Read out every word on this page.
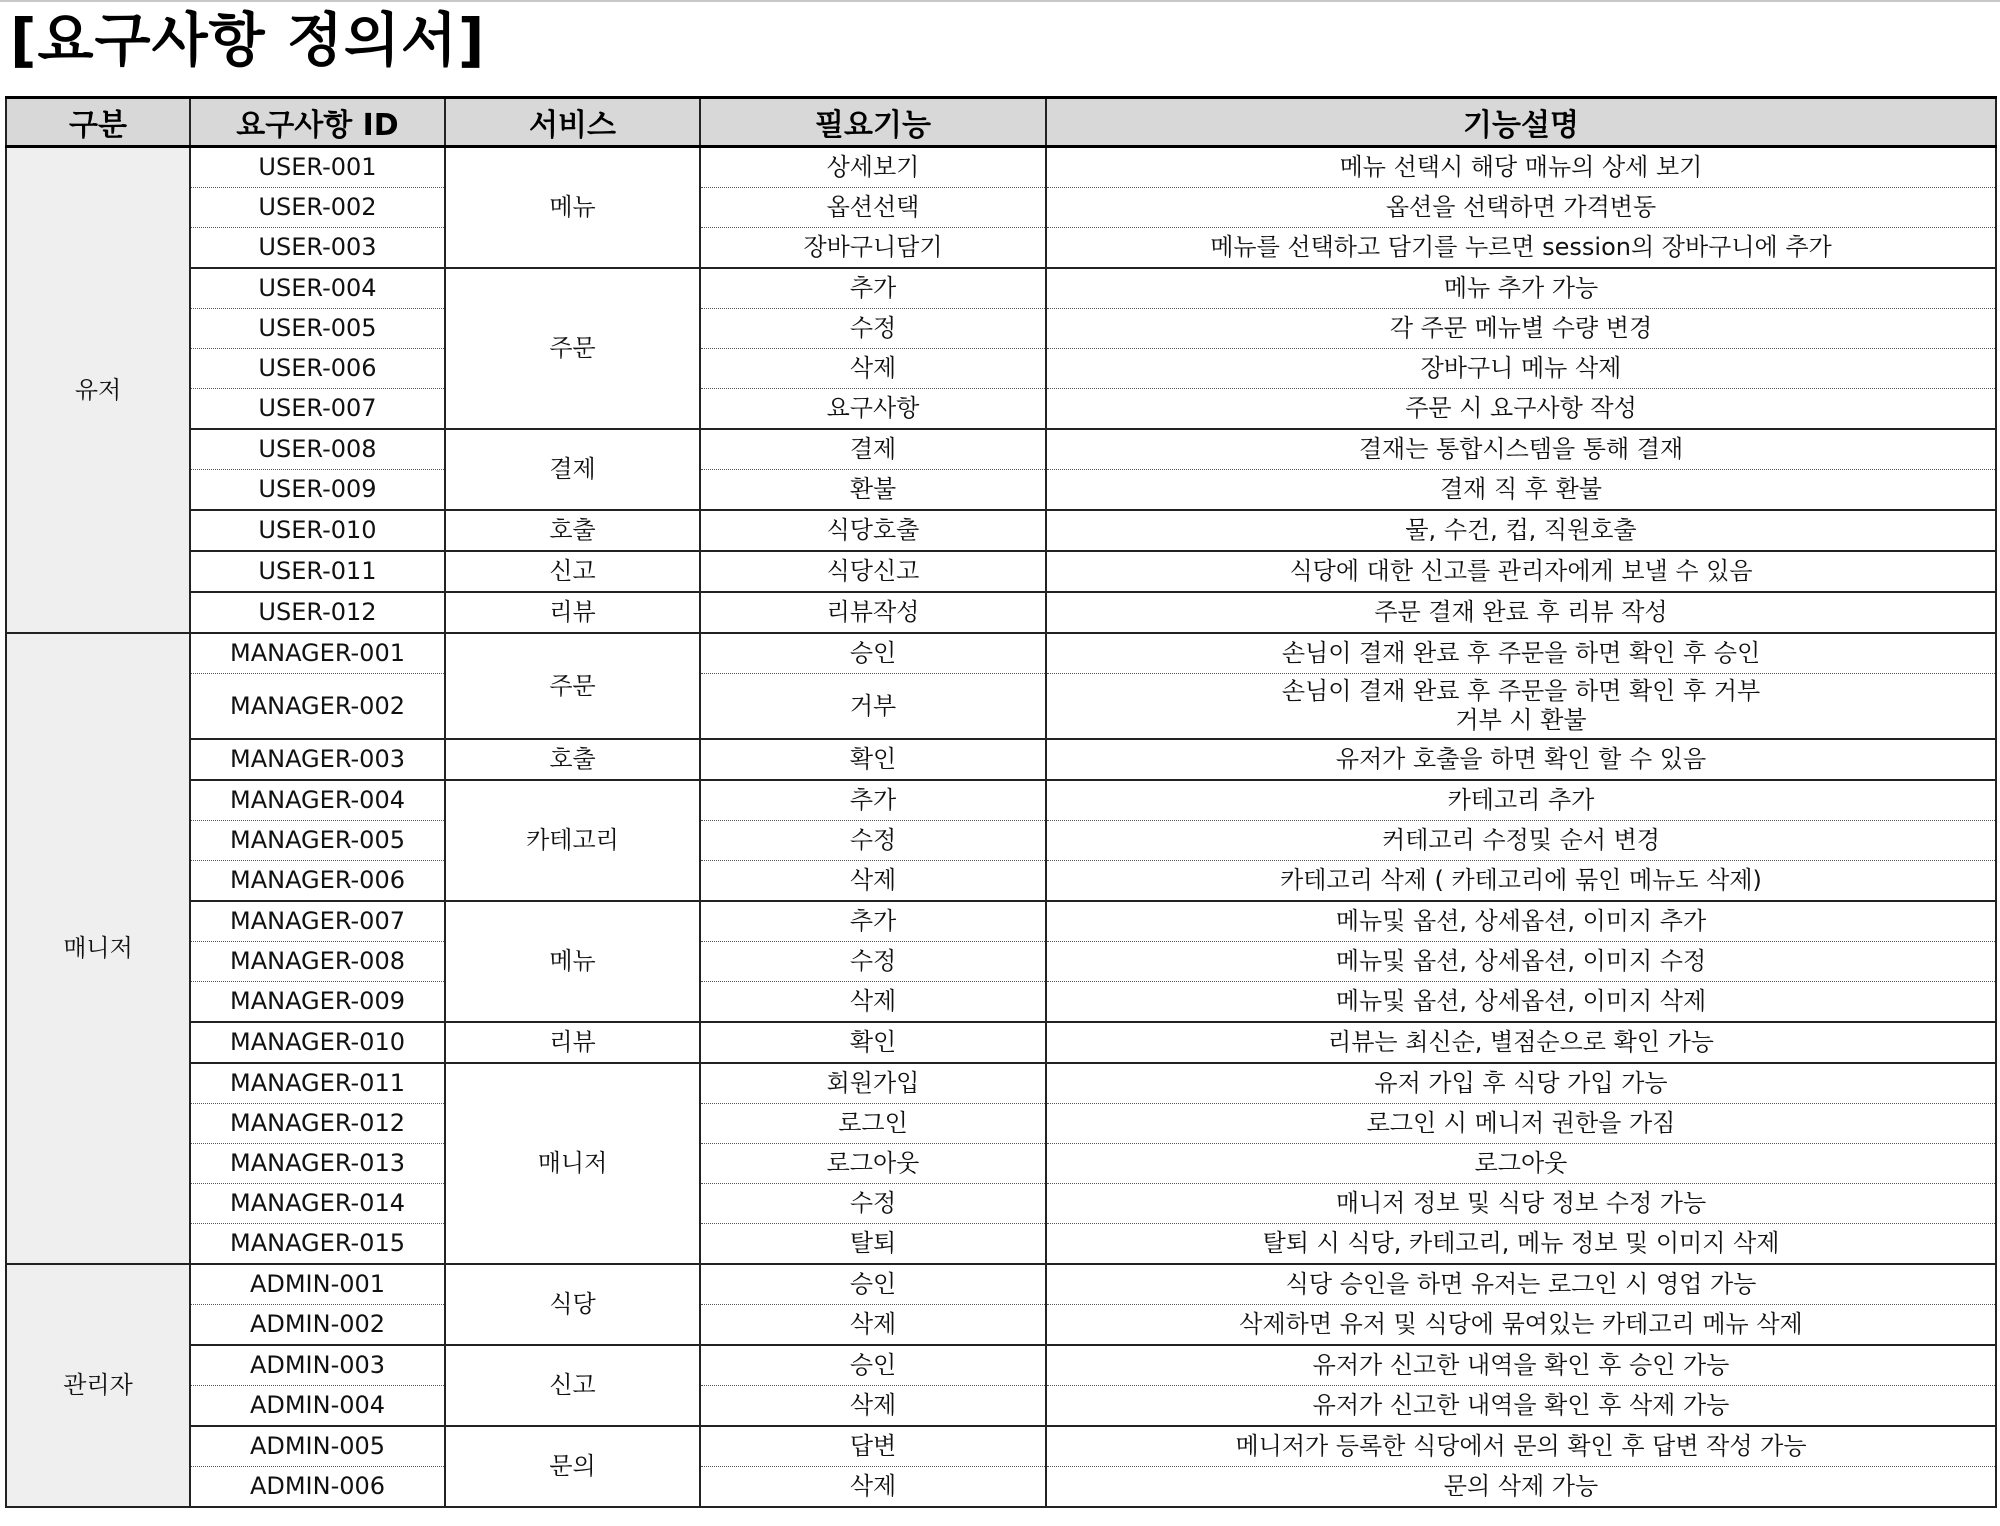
[요구사항 정의서]
구분	요구사항 ID	서비스	필요기능	기능설명
유저	USER-001	메뉴	상세보기	메뉴 선택시 해당 매뉴의 상세 보기

	USER-002		옵션선택	옵션을 선택하면 가격변동

	USER-003		장바구니담기	메뉴를 선택하고 담기를 누르면 session의 장바구니에 추가

	USER-004	주문	추가	메뉴 추가 가능

	USER-005		수정	각 주문 메뉴별 수량 변경

	USER-006		삭제	장바구니 메뉴 삭제

	USER-007		요구사항	주문 시 요구사항 작성

	USER-008	결제	결제	결재는 통합시스템을 통해 결재

	USER-009		환불	결재 직 후 환불

	USER-010	호출	식당호출	물, 수건, 컵, 직원호출

	USER-011	신고	식당신고	식당에 대한 신고를 관리자에게 보낼 수 있음

	USER-012	리뷰	리뷰작성	주문 결재 완료 후 리뷰 작성

매니저	MANAGER-001	주문	승인	손님이 결재 완료 후 주문을 하면 확인 후 승인

	MANAGER-002		거부	손님이 결재 완료 후 주문을 하면 확인 후 거부
거부 시 환불

	MANAGER-003	호출	확인	유저가 호출을 하면 확인 할 수 있음

	MANAGER-004	카테고리	추가	카테고리 추가

	MANAGER-005		수정	커테고리 수정및 순서 변경

	MANAGER-006		삭제	카테고리 삭제 ( 카테고리에 묶인 메뉴도 삭제)

	MANAGER-007	메뉴	추가	메뉴및 옵션, 상세옵션, 이미지 추가

	MANAGER-008		수정	메뉴및 옵션, 상세옵션, 이미지 수정

	MANAGER-009		삭제	메뉴및 옵션, 상세옵션, 이미지 삭제

	MANAGER-010	리뷰	확인	리뷰는 최신순, 별점순으로 확인 가능

	MANAGER-011	매니저	회원가입	유저 가입 후 식당 가입 가능

	MANAGER-012		로그인	로그인 시 메니저 권한을 가짐

	MANAGER-013		로그아웃	로그아웃

	MANAGER-014		수정	매니저 정보 및 식당 정보 수정 가능

	MANAGER-015		탈퇴	탈퇴 시 식당, 카테고리, 메뉴 정보 및 이미지 삭제

관리자	ADMIN-001	식당	승인	식당 승인을 하면 유저는 로그인 시 영업 가능

	ADMIN-002		삭제	삭제하면 유저 및 식당에 묶여있는 카테고리 메뉴 삭제

	ADMIN-003	신고	승인	유저가 신고한 내역을 확인 후 승인 가능

	ADMIN-004		삭제	유저가 신고한 내역을 확인 후 삭제 가능

	ADMIN-005	문의	답변	메니저가 등록한 식당에서 문의 확인 후 답변 작성 가능

	ADMIN-006		삭제	문의 삭제 가능
